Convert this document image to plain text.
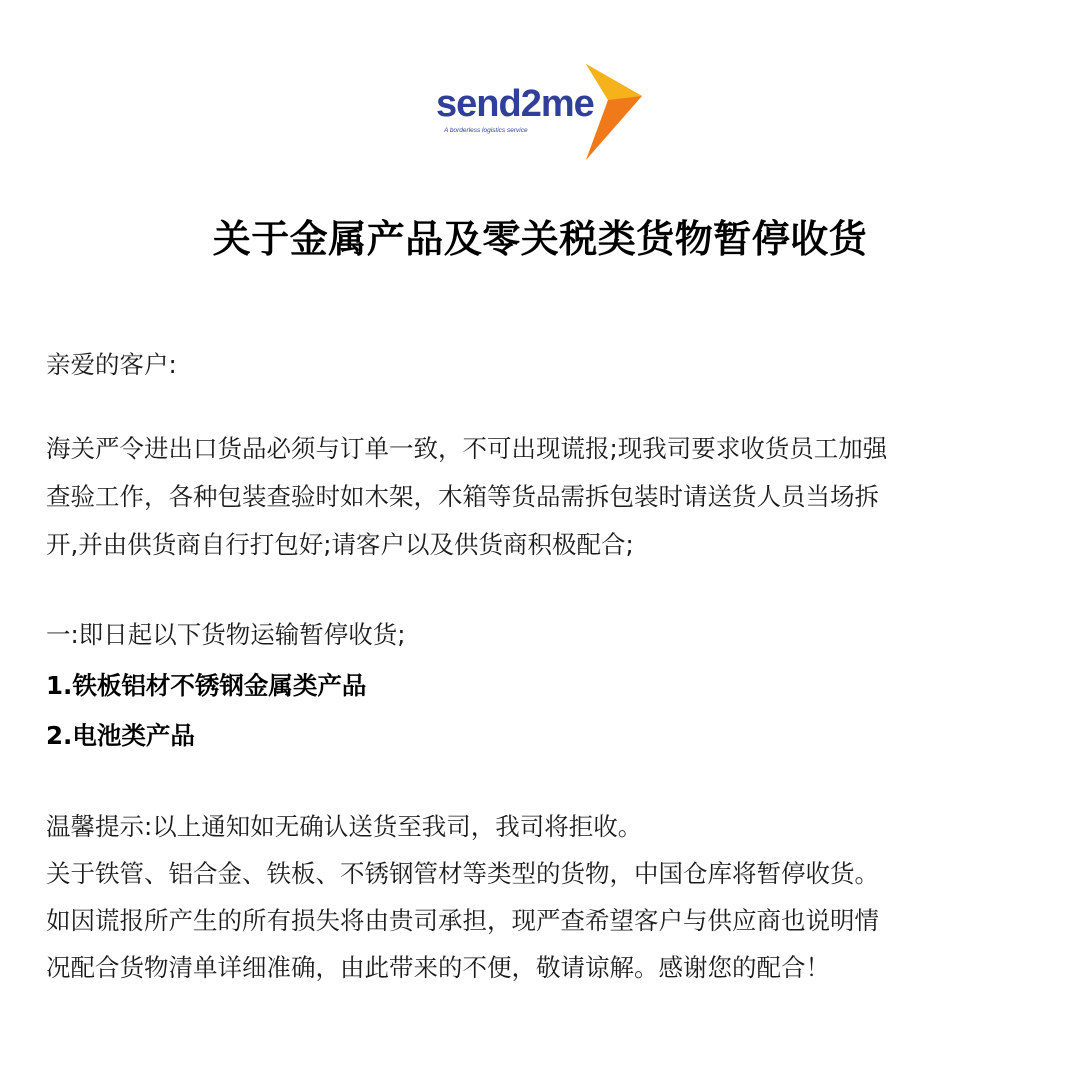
send2me
A borderless logistics service
关于金属产品及零关税类货物暂停收货

亲爱的客户:

海关严令进出口货品必须与订单一致，不可出现谎报;现我司要求收货员工加强

查验工作，各种包装查验时如木架，木箱等货品需拆包装时请送货人员当场拆

开,并由供货商自行打包好;请客户以及供货商积极配合;

一:即日起以下货物运输暂停收货;

1.铁板铝材不锈钢金属类产品

2.电池类产品

温馨提示:以上通知如无确认送货至我司，我司将拒收。

关于铁管、铝合金、铁板、不锈钢管材等类型的货物，中国仓库将暂停收货。

如因谎报所产生的所有损失将由贵司承担，现严查希望客户与供应商也说明情

况配合货物清单详细准确，由此带来的不便，敬请谅解。感谢您的配合！
